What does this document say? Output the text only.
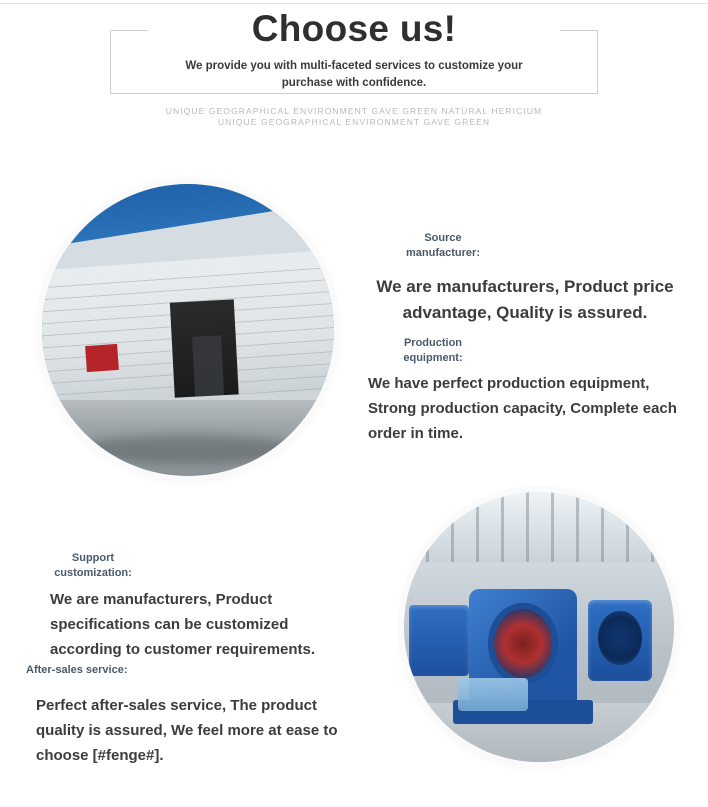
Choose us!
We provide you with multi-faceted services to customize your purchase with confidence.
UNIQUE GEOGRAPHICAL ENVIRONMENT GAVE GREEN NATURAL HERICIUM
UNIQUE GEOGRAPHICAL ENVIRONMENT GAVE GREEN
Source manufacturer:
We are manufacturers, Product price advantage, Quality is assured.
Production equipment:
We have perfect production equipment, Strong production capacity, Complete each order in time.
Support customization:
We are manufacturers, Product specifications can be customized according to customer requirements.
After-sales service:
Perfect after-sales service, The product quality is assured, We feel more at ease to choose [#fenge#].
